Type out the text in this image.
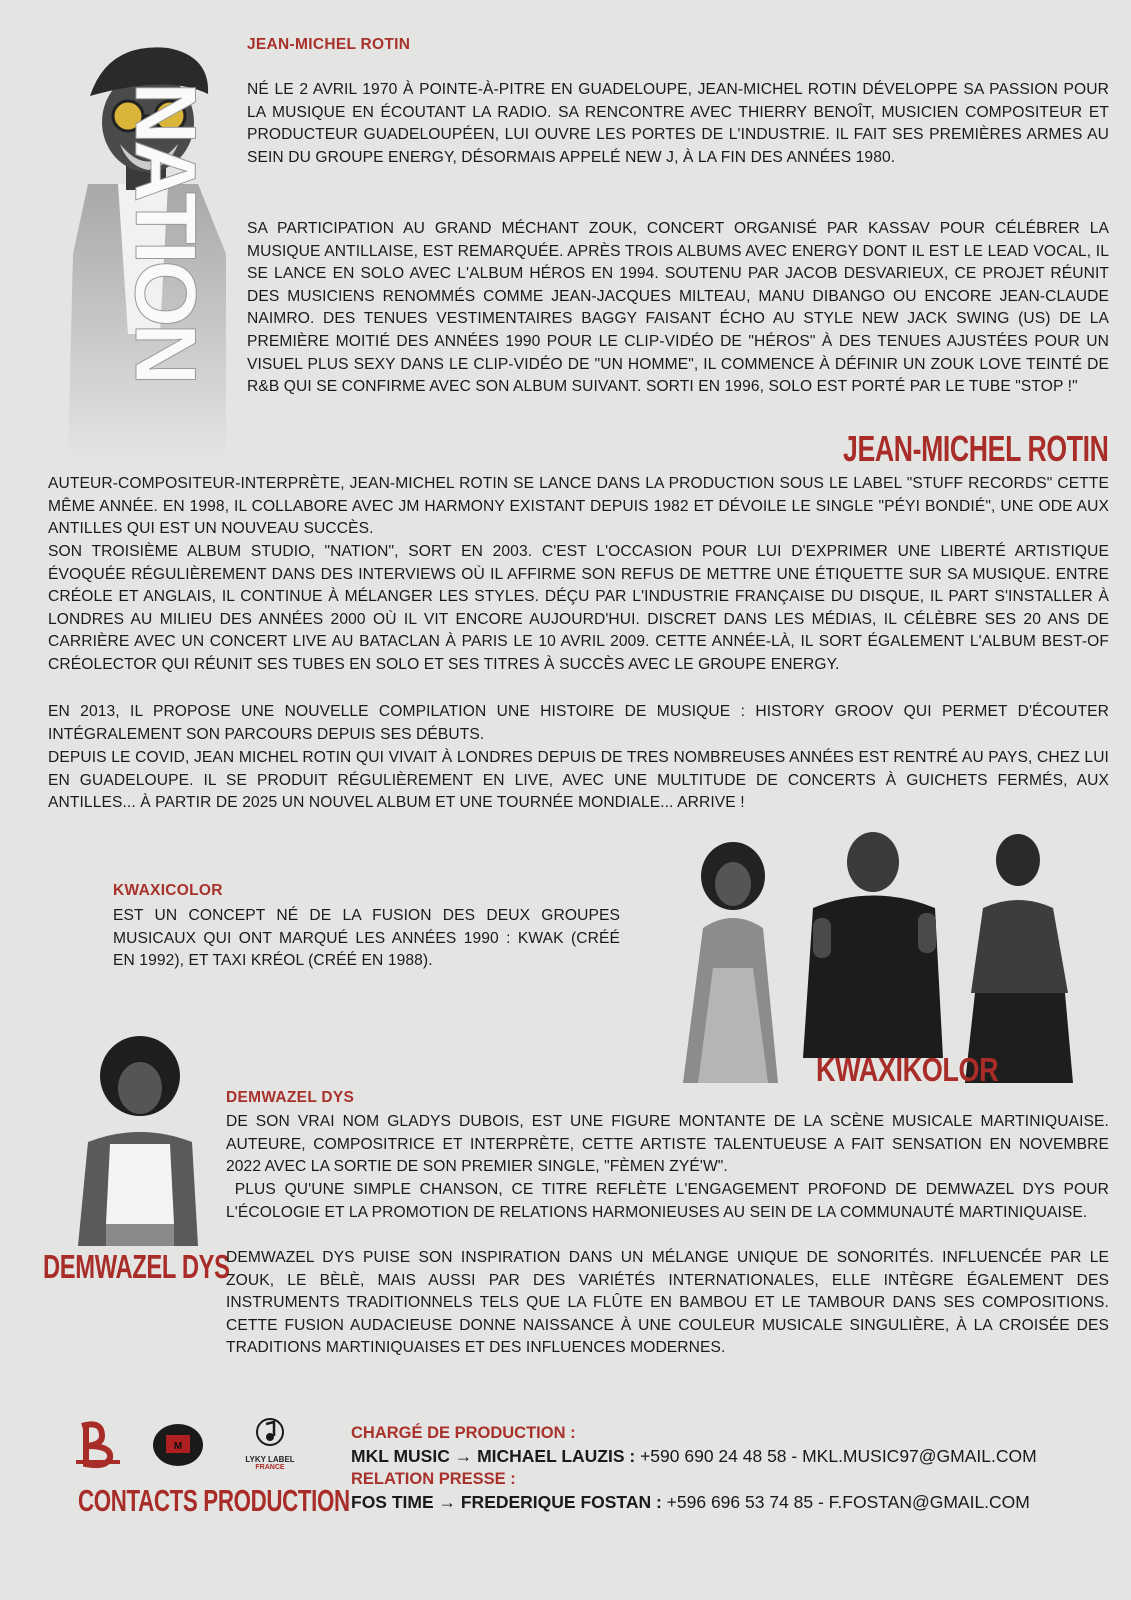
NATION
JEAN-MICHEL ROTIN

NÉ LE 2 AVRIL 1970 À POINTE-À-PITRE EN GUADELOUPE, JEAN-MICHEL ROTIN DÉVELOPPE SA PASSION POUR LA MUSIQUE EN ÉCOUTANT LA RADIO. SA RENCONTRE AVEC THIERRY BENOÎT, MUSICIEN COMPOSITEUR ET PRODUCTEUR GUADELOUPÉEN, LUI OUVRE LES PORTES DE L'INDUSTRIE. IL FAIT SES PREMIÈRES ARMES AU SEIN DU GROUPE ENERGY, DÉSORMAIS APPELÉ NEW J, À LA FIN DES ANNÉES 1980.

SA PARTICIPATION AU GRAND MÉCHANT ZOUK, CONCERT ORGANISÉ PAR KASSAV POUR CÉLÉBRER LA MUSIQUE ANTILLAISE, EST REMARQUÉE. APRÈS TROIS ALBUMS AVEC ENERGY DONT IL EST LE LEAD VOCAL, IL SE LANCE EN SOLO AVEC L'ALBUM HÉROS EN 1994. SOUTENU PAR JACOB DESVARIEUX, CE PROJET RÉUNIT DES MUSICIENS RENOMMÉS COMME JEAN-JACQUES MILTEAU, MANU DIBANGO OU ENCORE JEAN-CLAUDE NAIMRO. DES TENUES VESTIMENTAIRES BAGGY FAISANT ÉCHO AU STYLE NEW JACK SWING (US) DE LA PREMIÈRE MOITIÉ DES ANNÉES 1990 POUR LE CLIP-VIDÉO DE "HÉROS" À DES TENUES AJUSTÉES POUR UN VISUEL PLUS SEXY DANS LE CLIP-VIDÉO DE "UN HOMME", IL COMMENCE À DÉFINIR UN ZOUK LOVE TEINTÉ DE R&B QUI SE CONFIRME AVEC SON ALBUM SUIVANT. SORTI EN 1996, SOLO EST PORTÉ PAR LE TUBE "STOP !"

JEAN-MICHEL ROTIN

AUTEUR-COMPOSITEUR-INTERPRÈTE, JEAN-MICHEL ROTIN SE LANCE DANS LA PRODUCTION SOUS LE LABEL "STUFF RECORDS" CETTE MÊME ANNÉE. EN 1998, IL COLLABORE AVEC JM HARMONY EXISTANT DEPUIS 1982 ET DÉVOILE LE SINGLE "PÉYI BONDIÉ", UNE ODE AUX ANTILLES QUI EST UN NOUVEAU SUCCÈS.

SON TROISIÈME ALBUM STUDIO, "NATION", SORT EN 2003. C'EST L'OCCASION POUR LUI D'EXPRIMER UNE LIBERTÉ ARTISTIQUE ÉVOQUÉE RÉGULIÈREMENT DANS DES INTERVIEWS OÙ IL AFFIRME SON REFUS DE METTRE UNE ÉTIQUETTE SUR SA MUSIQUE. ENTRE CRÉOLE ET ANGLAIS, IL CONTINUE À MÉLANGER LES STYLES. DÉÇU PAR L'INDUSTRIE FRANÇAISE DU DISQUE, IL PART S'INSTALLER À LONDRES AU MILIEU DES ANNÉES 2000 OÙ IL VIT ENCORE AUJOURD'HUI. DISCRET DANS LES MÉDIAS, IL CÉLÈBRE SES 20 ANS DE CARRIÈRE AVEC UN CONCERT LIVE AU BATACLAN À PARIS LE 10 AVRIL 2009. CETTE ANNÉE-LÀ, IL SORT ÉGALEMENT L'ALBUM BEST-OF CRÉOLECTOR QUI RÉUNIT SES TUBES EN SOLO ET SES TITRES À SUCCÈS AVEC LE GROUPE ENERGY.

EN 2013, IL PROPOSE UNE NOUVELLE COMPILATION UNE HISTOIRE DE MUSIQUE : HISTORY GROOV QUI PERMET D'ÉCOUTER INTÉGRALEMENT SON PARCOURS DEPUIS SES DÉBUTS.

DEPUIS LE COVID, JEAN MICHEL ROTIN QUI VIVAIT À LONDRES DEPUIS DE TRES NOMBREUSES ANNÉES EST RENTRÉ AU PAYS, CHEZ LUI EN GUADELOUPE. IL SE PRODUIT RÉGULIÈREMENT EN LIVE, AVEC UNE MULTITUDE DE CONCERTS À GUICHETS FERMÉS, AUX ANTILLES... À PARTIR DE 2025 UN NOUVEL ALBUM ET UNE TOURNÉE MONDIALE... ARRIVE !

KWAXICOLOR

EST UN CONCEPT NÉ DE LA FUSION DES DEUX GROUPES MUSICAUX QUI ONT MARQUÉ LES ANNÉES 1990 : KWAK (CRÉÉ EN 1992), ET TAXI KRÉOL (CRÉÉ EN 1988).

KWAXIKOLOR
DEMWAZEL DYS
DEMWAZEL DYS

DE SON VRAI NOM GLADYS DUBOIS, EST UNE FIGURE MONTANTE DE LA SCÈNE MUSICALE MARTINIQUAISE. AUTEURE, COMPOSITRICE ET INTERPRÈTE, CETTE ARTISTE TALENTUEUSE A FAIT SENSATION EN NOVEMBRE 2022 AVEC LA SORTIE DE SON PREMIER SINGLE, "FÈMEN ZYÉ'W".

PLUS QU'UNE SIMPLE CHANSON, CE TITRE REFLÈTE L'ENGAGEMENT PROFOND DE DEMWAZEL DYS POUR L'ÉCOLOGIE ET LA PROMOTION DE RELATIONS HARMONIEUSES AU SEIN DE LA COMMUNAUTÉ MARTINIQUAISE.

DEMWAZEL DYS PUISE SON INSPIRATION DANS UN MÉLANGE UNIQUE DE SONORITÉS. INFLUENCÉE PAR LE ZOUK, LE BÈLÈ, MAIS AUSSI PAR DES VARIÉTÉS INTERNATIONALES, ELLE INTÈGRE ÉGALEMENT DES INSTRUMENTS TRADITIONNELS TELS QUE LA FLÛTE EN BAMBOU ET LE TAMBOUR DANS SES COMPOSITIONS. CETTE FUSION AUDACIEUSE DONNE NAISSANCE À UNE COULEUR MUSICALE SINGULIÈRE, À LA CROISÉE DES TRADITIONS MARTINIQUAISES ET DES INFLUENCES MODERNES.

M
LYKY LABEL
FRANCE
CONTACTS PRODUCTION
CHARGÉ DE PRODUCTION :
MKL MUSIC → MICHAEL LAUZIS : +590 690 24 48 58 - MKL.MUSIC97@GMAIL.COM
RELATION PRESSE :
FOS TIME → FREDERIQUE FOSTAN : +596 696 53 74 85 - F.FOSTAN@GMAIL.COM
